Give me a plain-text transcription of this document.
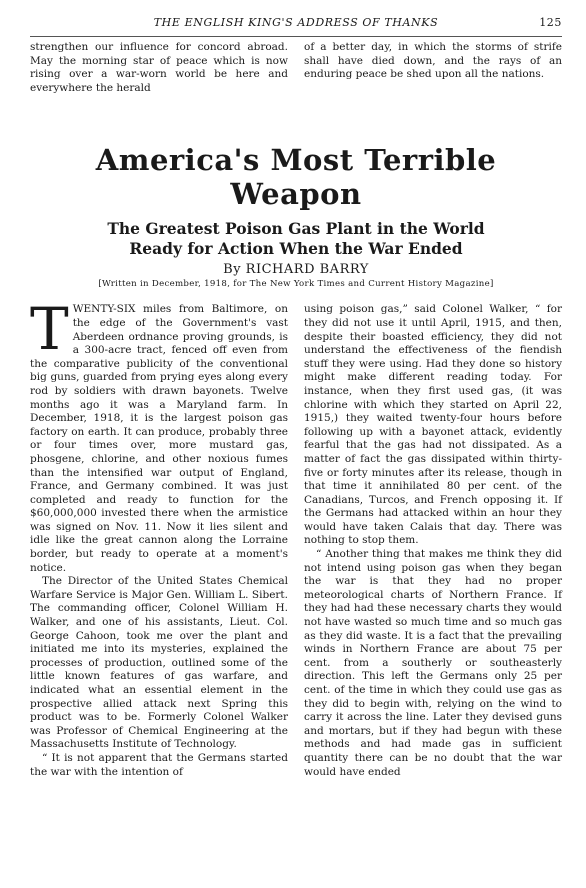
THE ENGLISH KING'S ADDRESS OF THANKS	125

strengthen our influence for concord abroad. May the morning star of peace which is now rising over a war-worn world be here and everywhere the herald

of a better day, in which the storms of strife shall have died down, and the rays of an enduring peace be shed upon all the nations.

America's Most Terrible Weapon
The Greatest Poison Gas Plant in the World
Ready for Action When the War Ended
By RICHARD BARRY
[Written in December, 1918, for The New York Times and Current History Magazine]

TWENTY-SIX miles from Baltimore, on the edge of the Government's vast Aberdeen ordnance proving grounds, is a 300-acre tract, fenced off even from the comparative publicity of the conventional big guns, guarded from prying eyes along every rod by soldiers with drawn bayonets. Twelve months ago it was a Maryland farm. In December, 1918, it is the largest poison gas factory on earth. It can produce, probably three or four times over, more mustard gas, phosgene, chlorine, and other noxious fumes than the intensified war output of England, France, and Germany combined. It was just completed and ready to function for the $60,000,000 invested there when the armistice was signed on Nov. 11. Now it lies silent and idle like the great cannon along the Lorraine border, but ready to operate at a moment's notice.

The Director of the United States Chemical Warfare Service is Major Gen. William L. Sibert. The commanding officer, Colonel William H. Walker, and one of his assistants, Lieut. Col. George Cahoon, took me over the plant and initiated me into its mysteries, explained the processes of production, outlined some of the little known features of gas warfare, and indicated what an essential element in the prospective allied attack next Spring this product was to be. Formerly Colonel Walker was Professor of Chemical Engineering at the Massachusetts Institute of Technology.

“ It is not apparent that the Germans started the war with the intention of

using poison gas,” said Colonel Walker, “ for they did not use it until April, 1915, and then, despite their boasted efficiency, they did not understand the effectiveness of the fiendish stuff they were using. Had they done so history might make different reading today. For instance, when they first used gas, (it was chlorine with which they started on April 22, 1915,) they waited twenty-four hours before following up with a bayonet attack, evidently fearful that the gas had not dissipated. As a matter of fact the gas dissipated within thirty-five or forty minutes after its release, though in that time it annihilated 80 per cent. of the Canadians, Turcos, and French opposing it. If the Germans had attacked within an hour they would have taken Calais that day. There was nothing to stop them.

“ Another thing that makes me think they did not intend using poison gas when they began the war is that they had no proper meteorological charts of Northern France. If they had had these necessary charts they would not have wasted so much time and so much gas as they did waste. It is a fact that the prevailing winds in Northern France are about 75 per cent. from a southerly or southeasterly direction. This left the Germans only 25 per cent. of the time in which they could use gas as they did to begin with, relying on the wind to carry it across the line. Later they devised guns and mortars, but if they had begun with these methods and had made gas in sufficient quantity there can be no doubt that the war would have ended
